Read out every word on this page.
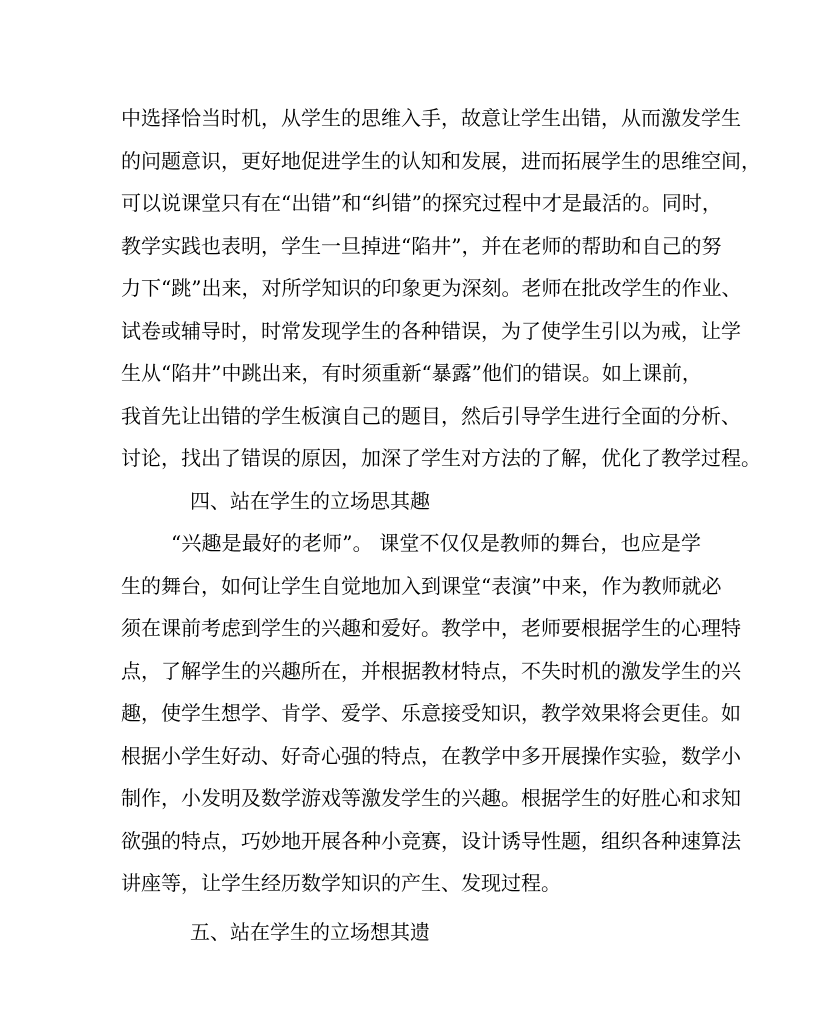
中选择恰当时机，从学生的思维入手，故意让学生出错，从而激发学生
的问题意识，更好地促进学生的认知和发展，进而拓展学生的思维空间，
可以说课堂只有在“出错”和“纠错”的探究过程中才是最活的。同时，
教学实践也表明，学生一旦掉进“陷井”，并在老师的帮助和自己的努
力下“跳”出来，对所学知识的印象更为深刻。老师在批改学生的作业、
试卷或辅导时，时常发现学生的各种错误，为了使学生引以为戒，让学
生从“陷井”中跳出来，有时须重新“暴露”他们的错误。如上课前，
我首先让出错的学生板演自己的题目，然后引导学生进行全面的分析、
讨论，找出了错误的原因，加深了学生对方法的了解，优化了教学过程。
四、站在学生的立场思其趣
“兴趣是最好的老师”。 课堂不仅仅是教师的舞台，也应是学
生的舞台，如何让学生自觉地加入到课堂“表演”中来，作为教师就必
须在课前考虑到学生的兴趣和爱好。教学中，老师要根据学生的心理特
点，了解学生的兴趣所在，并根据教材特点，不失时机的激发学生的兴
趣，使学生想学、肯学、爱学、乐意接受知识，教学效果将会更佳。如
根据小学生好动、好奇心强的特点，在教学中多开展操作实验，数学小
制作，小发明及数学游戏等激发学生的兴趣。根据学生的好胜心和求知
欲强的特点，巧妙地开展各种小竞赛，设计诱导性题，组织各种速算法
讲座等，让学生经历数学知识的产生、发现过程。
五、站在学生的立场想其遗
